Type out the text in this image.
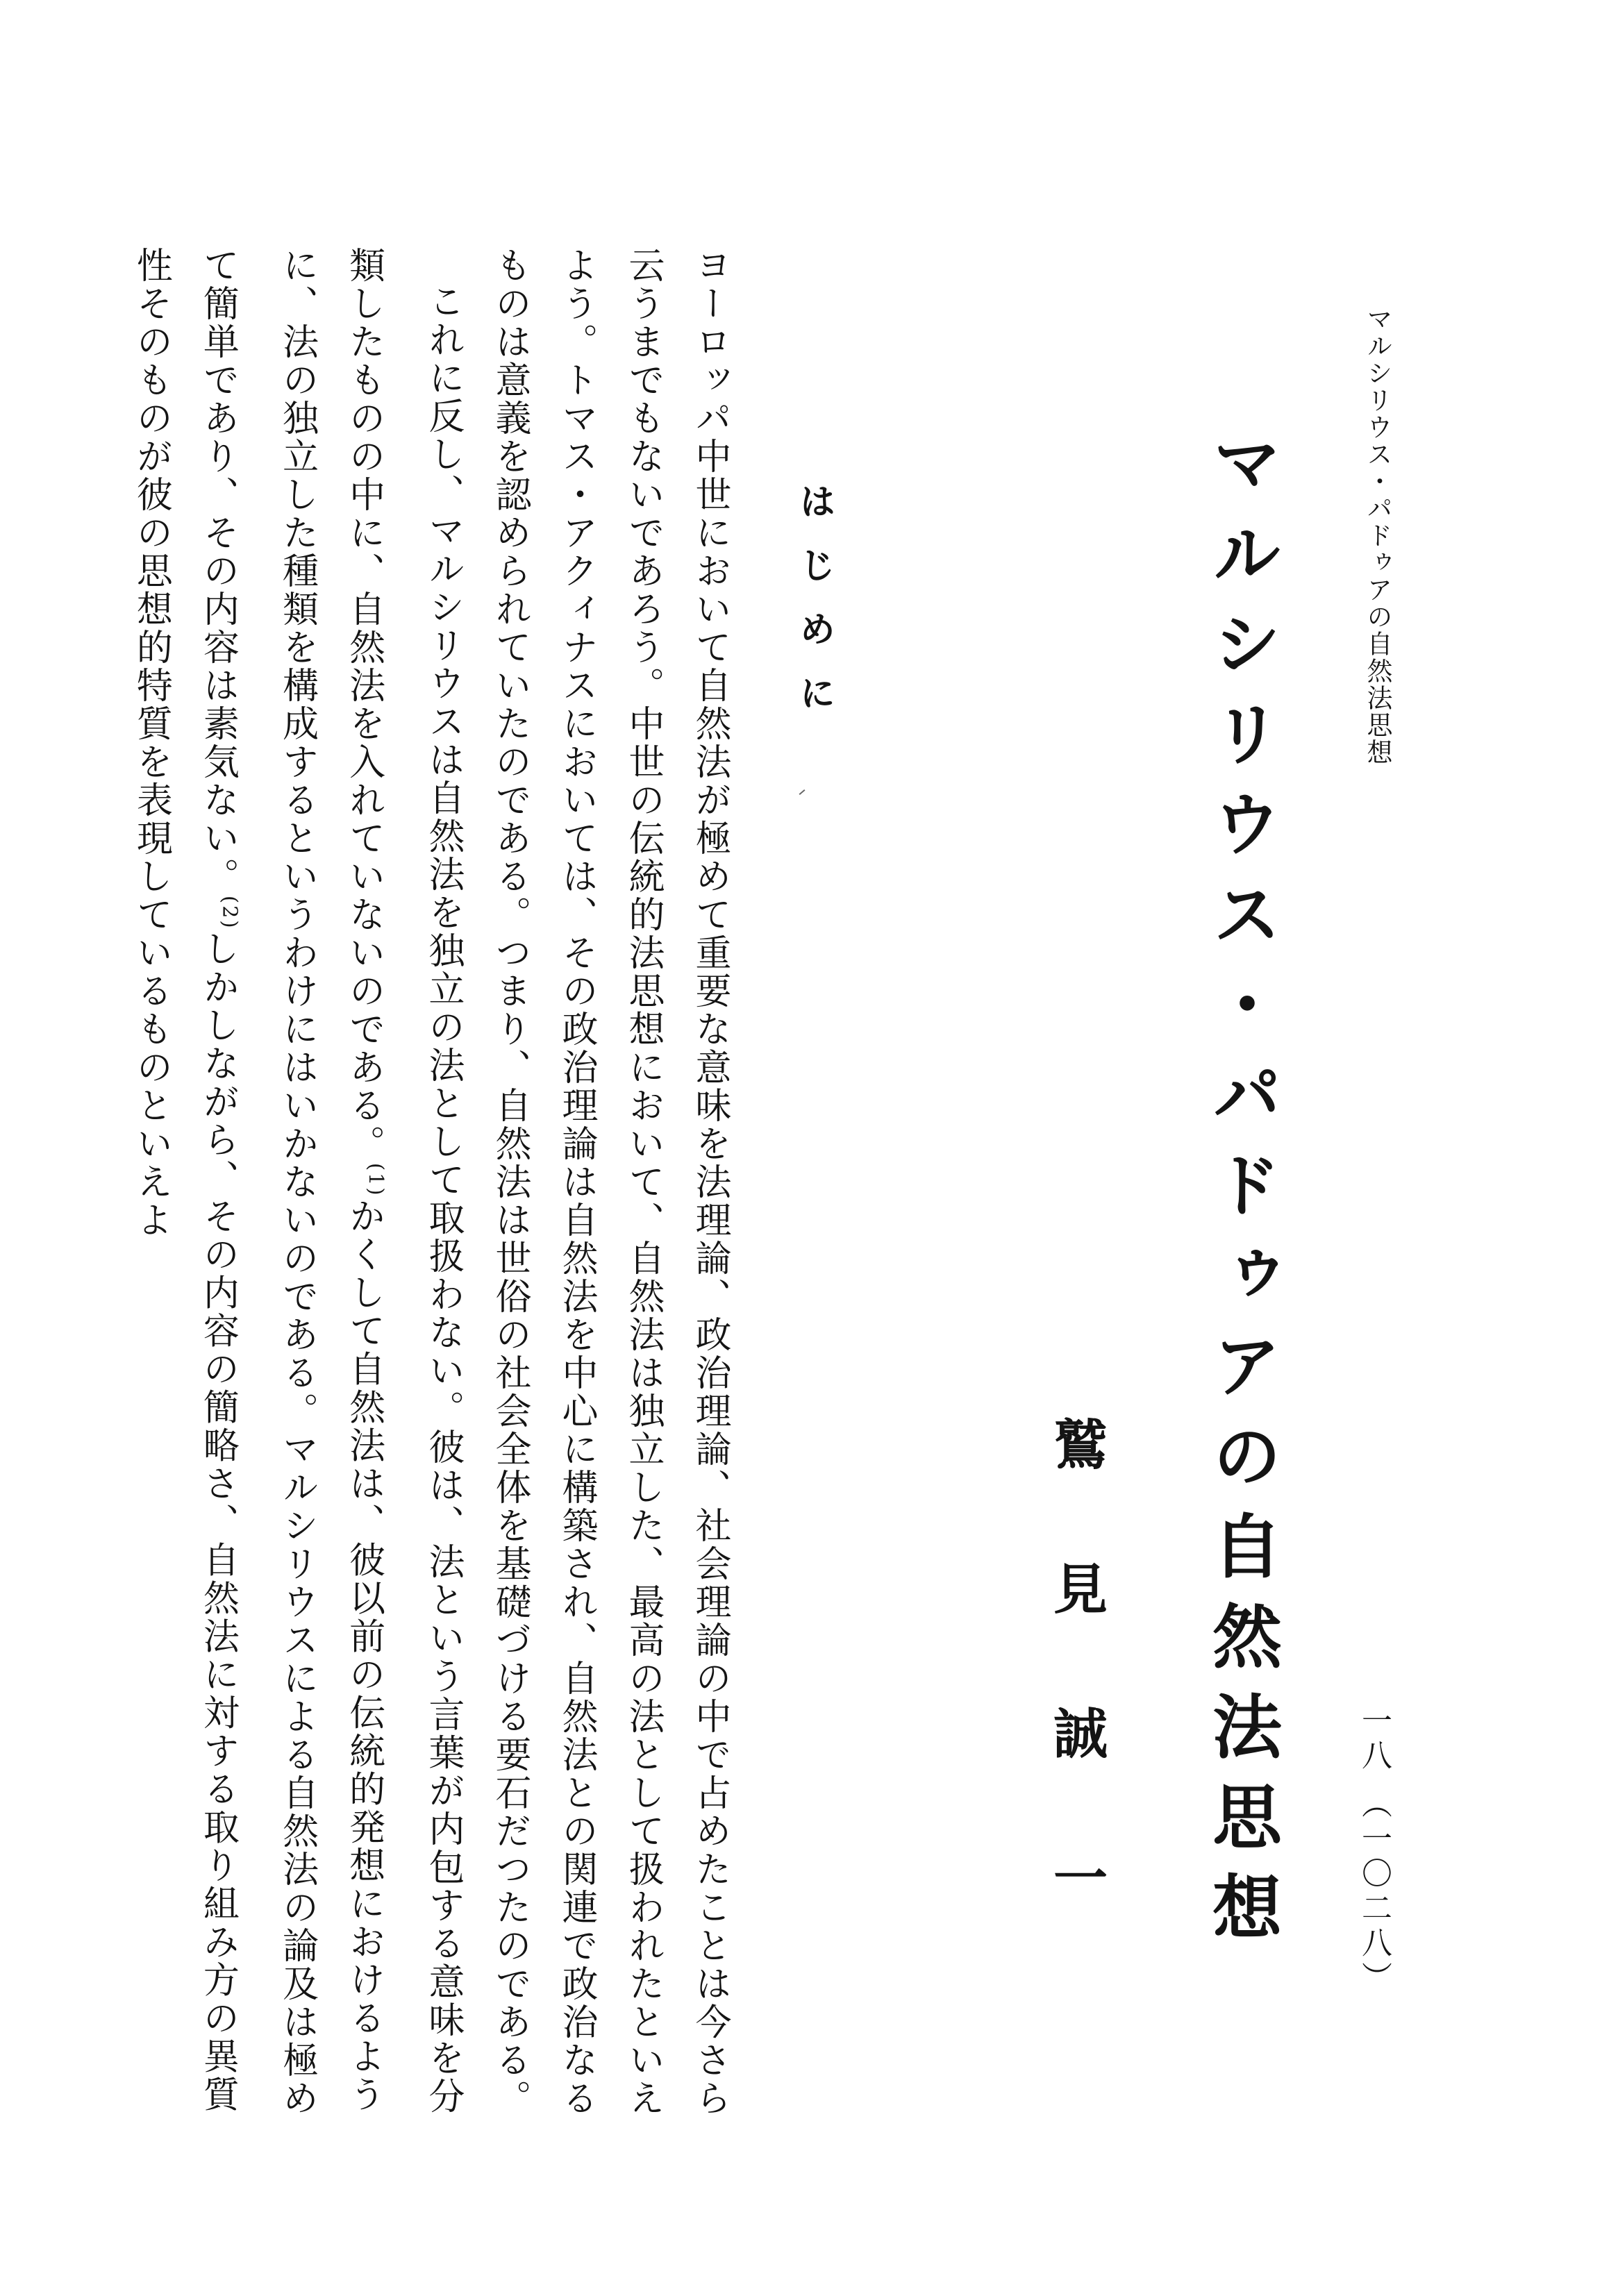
マルシリウス・パドゥアの自然法思想
一八 （一〇二八）
マルシリウス・パドゥアの自然法思想
鷲見誠一
はじめに

ヨーロッパ中世において自然法が極めて重要な意味を法理論、政治理論、社会理論の中で占めたことは今さら云うまでもないであろう。中世の伝統的法思想において、自然法は独立した、最高の法として扱われたといえよう。トマス・アクィナスにおいては、その政治理論は自然法を中心に構築され、自然法との関連で政治なるものは意義を認められていたのである。つまり、自然法は世俗の社会全体を基礎づける要石だつたのである。

これに反し、マルシリウスは自然法を独立の法として取扱わない。彼は、法という言葉が内包する意味を分類したものの中に、自然法を入れていないのである。$^{(1)}$かくして自然法は、彼以前の伝統的発想におけるように、法の独立した種類を構成するというわけにはいかないのである。マルシリウスによる自然法の論及は極めて簡単であり、その内容は素気ない。$^{(2)}$しかしながら、その内容の簡略さ、自然法に対する取り組み方の異質性そのものが彼の思想的特質を表現しているものといえよ
